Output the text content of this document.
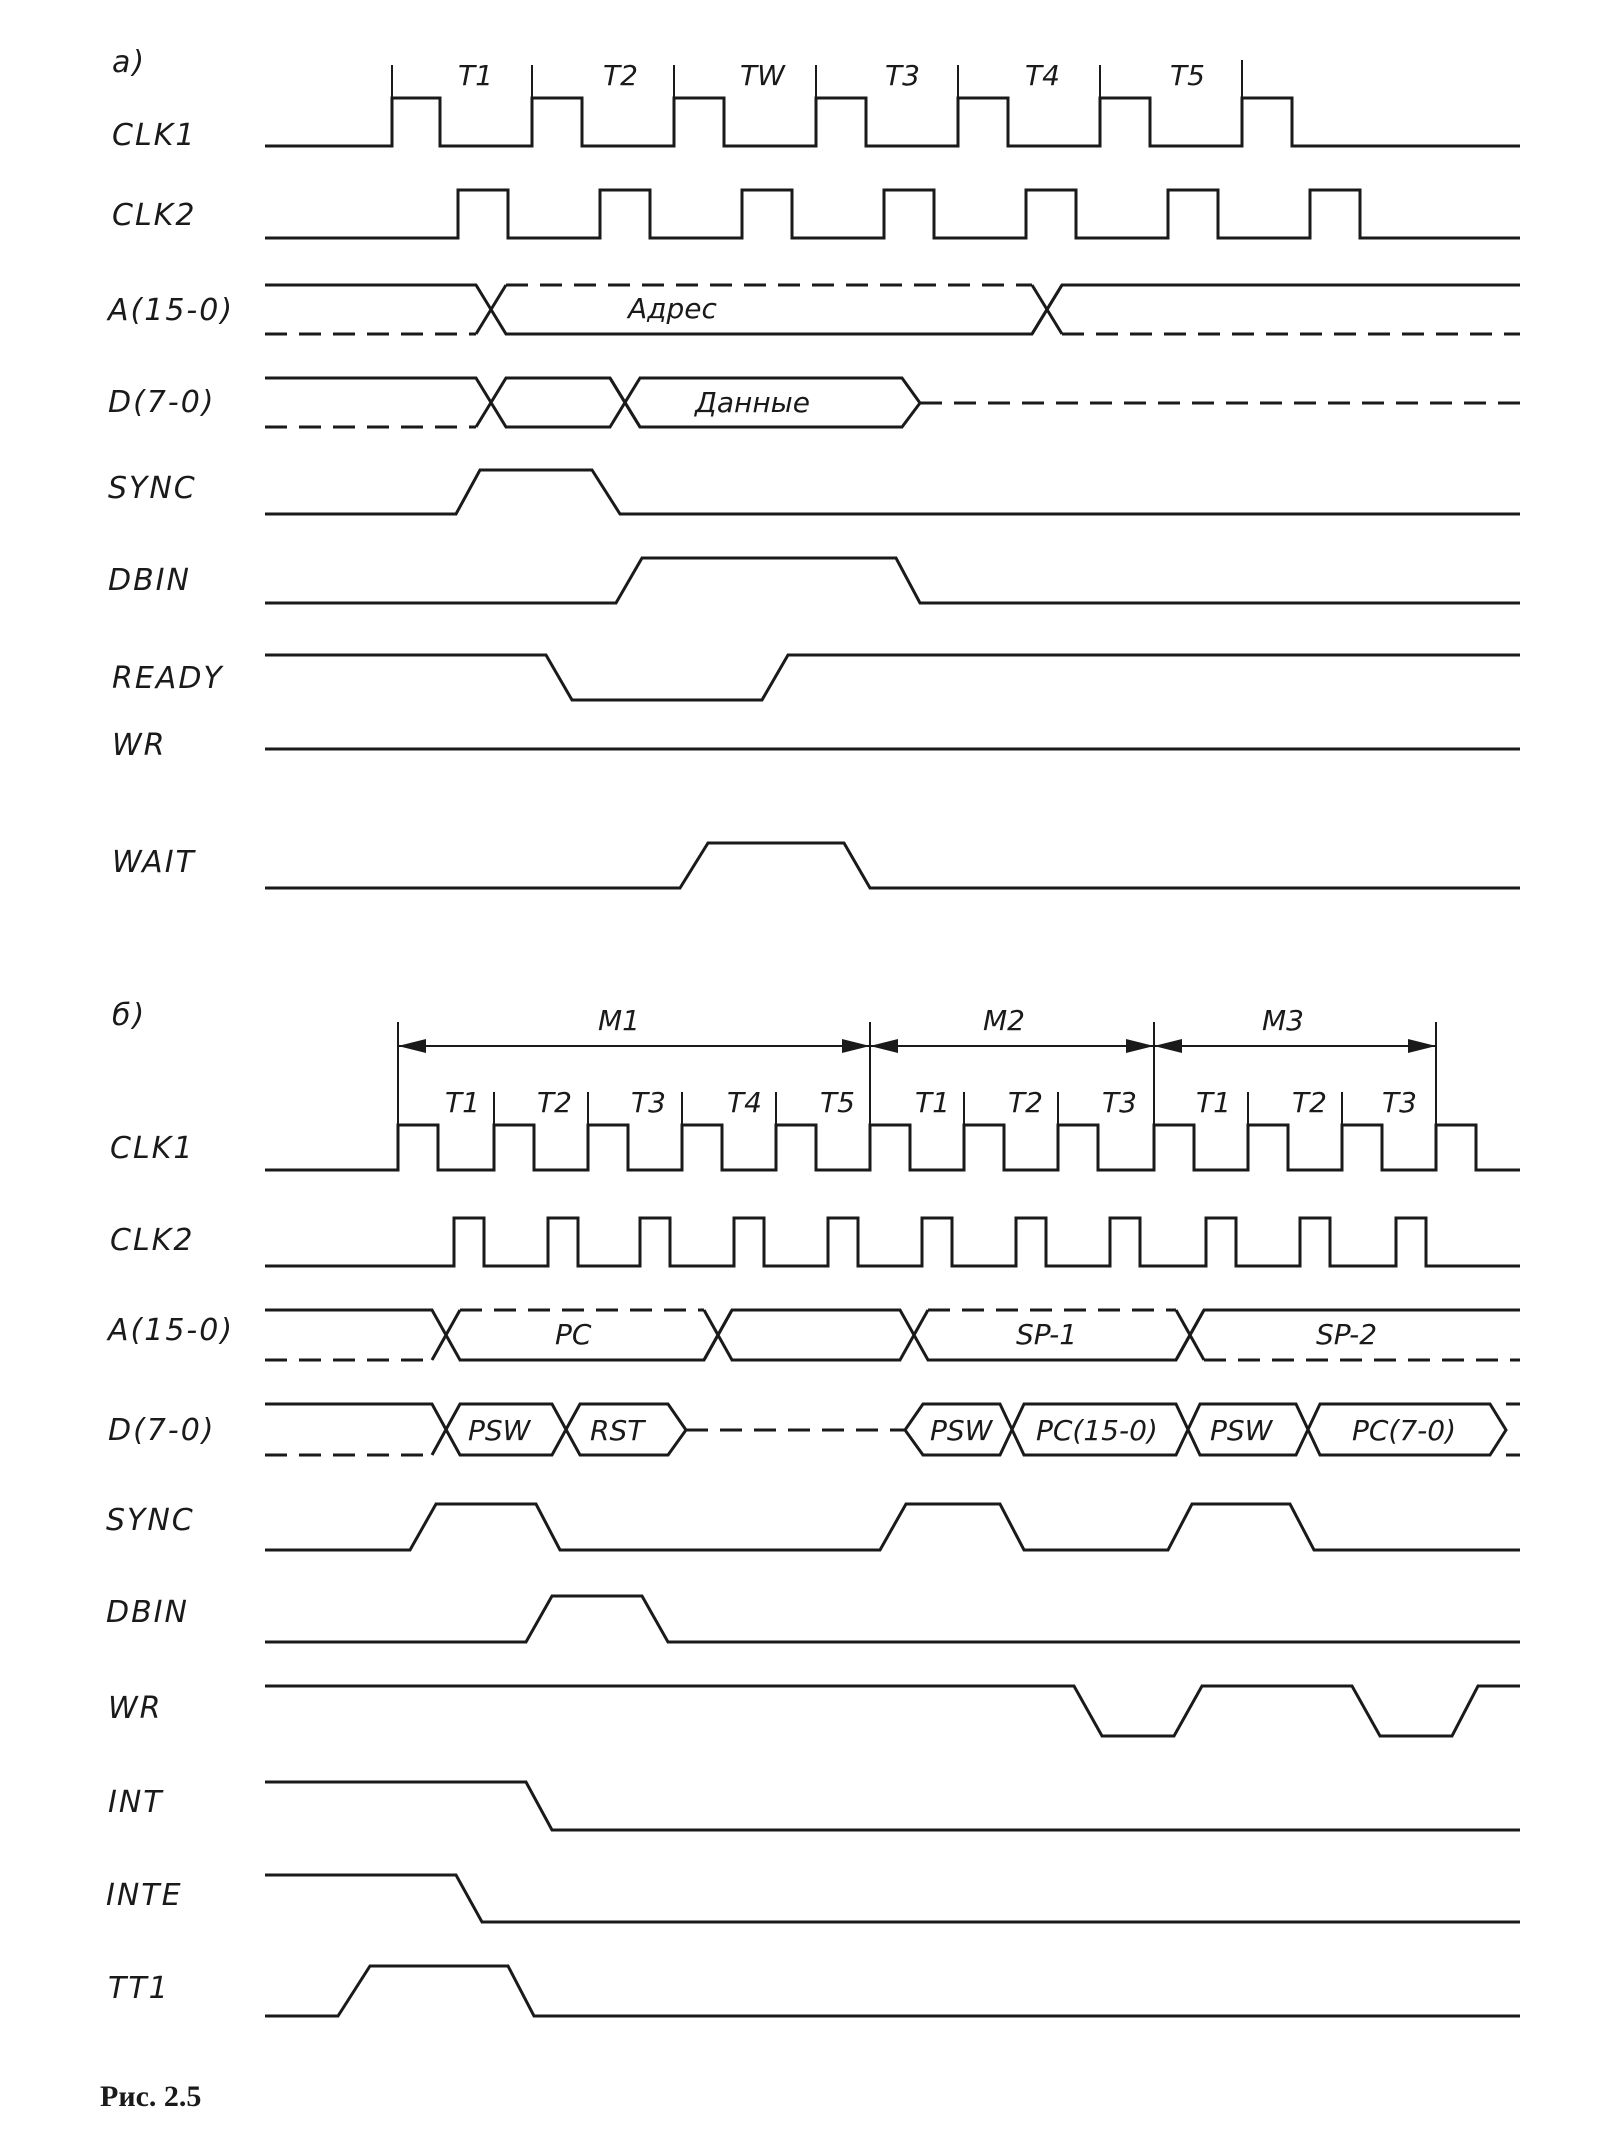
а)	T1	T2	TW	T3	T4	T5
CLK1
CLK2
A(15-0)
D(7-0)
SYNC
DBIN
READY
WR
WAIT
Адрес
Данные
б)	M1	M2	M3
T1 T2 T3 T4 T5 T1 T2 T3 T1 T2 T3
CLK1
CLK2
A(15-0)
D(7-0)
SYNC
DBIN
WR
INT
INTE
TT1
PC	SP-1	SP-2
PSW RST	PSW PC(15-0) PSW	PC(7-0)
Рис. 2.5
